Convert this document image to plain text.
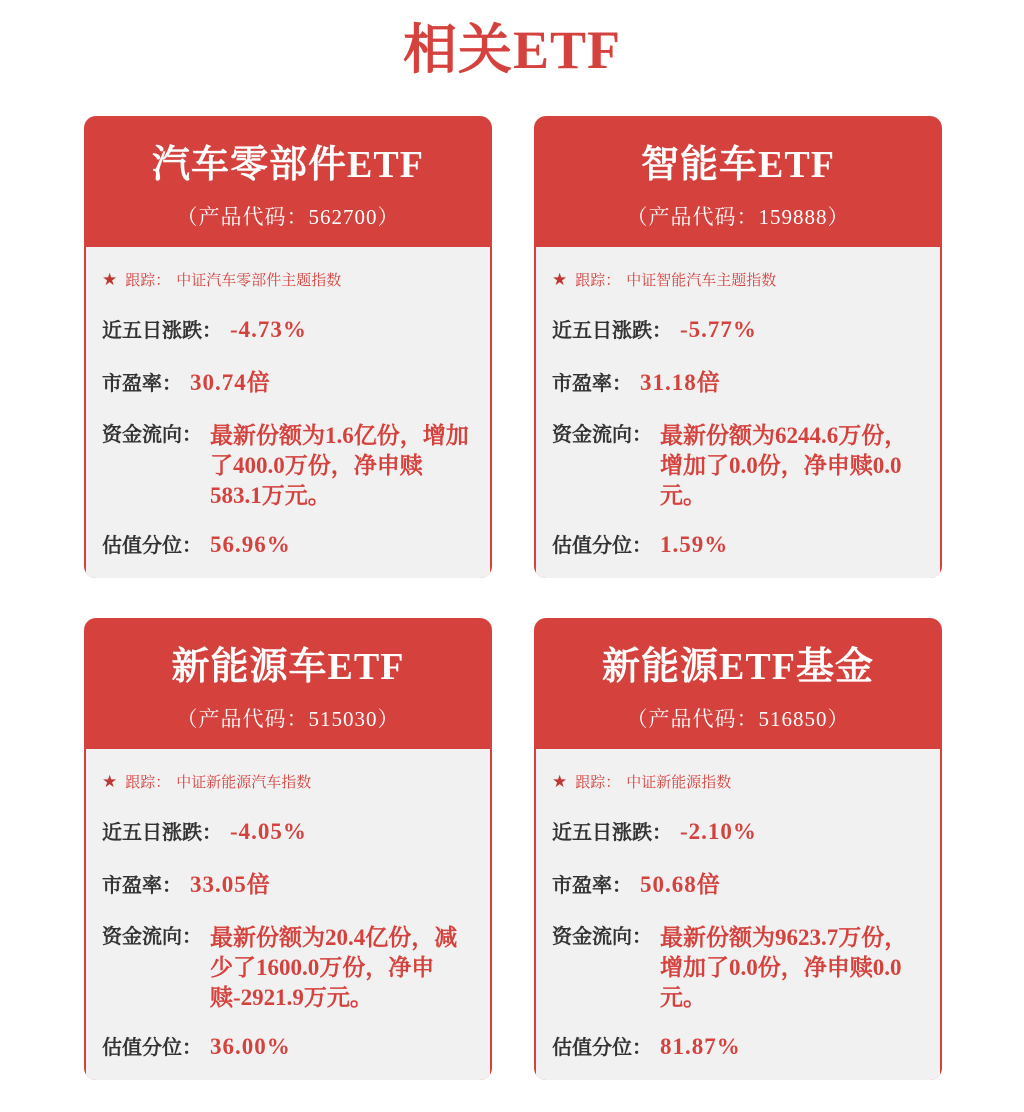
相关ETF
汽车零部件ETF
（产品代码：562700）
★ 跟踪： 中证汽车零部件主题指数
近五日涨跌： -4.73%
市盈率： 30.74倍
资金流向： 最新份额为1.6亿份，增加了400.0万份，净申赎583.1万元。
估值分位： 56.96%
智能车ETF
（产品代码：159888）
★ 跟踪： 中证智能汽车主题指数
近五日涨跌： -5.77%
市盈率： 31.18倍
资金流向： 最新份额为6244.6万份，增加了0.0份，净申赎0.0元。
估值分位： 1.59%
新能源车ETF
（产品代码：515030）
★ 跟踪： 中证新能源汽车指数
近五日涨跌： -4.05%
市盈率： 33.05倍
资金流向： 最新份额为20.4亿份，减少了1600.0万份，净申赎-2921.9万元。
估值分位： 36.00%
新能源ETF基金
（产品代码：516850）
★ 跟踪： 中证新能源指数
近五日涨跌： -2.10%
市盈率： 50.68倍
资金流向： 最新份额为9623.7万份，增加了0.0份，净申赎0.0元。
估值分位： 81.87%
